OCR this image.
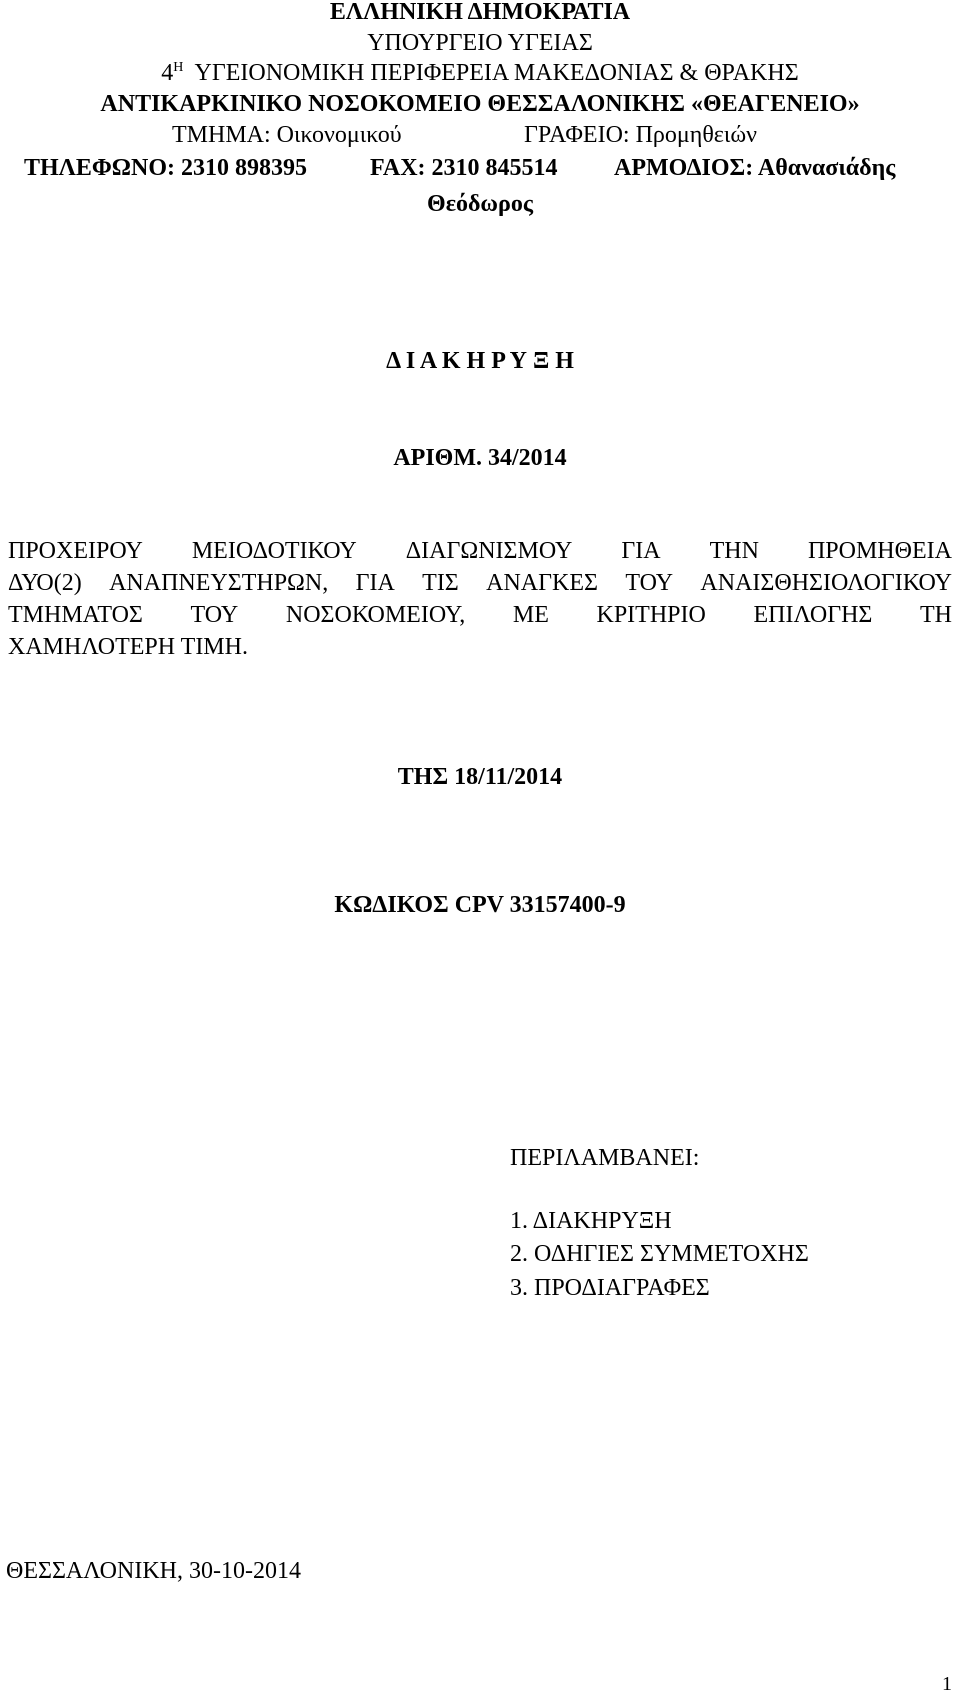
ΕΛΛΗΝΙΚΗ ΔΗΜΟΚΡΑΤΙΑ
ΥΠΟΥΡΓΕΙΟ ΥΓΕΙΑΣ
$4^H$ ΥΓΕΙΟΝΟΜΙΚΗ ΠΕΡΙΦΕΡΕΙΑ ΜΑΚΕΔΟΝΙΑΣ & ΘΡΑΚΗΣ
ΑΝΤΙΚΑΡΚΙΝΙΚΟ ΝΟΣΟΚΟΜΕΙΟ ΘΕΣΣΑΛΟΝΙΚΗΣ «ΘΕΑΓΕΝΕΙΟ»
ΤΜΗΜΑ: Οικονομικού	ΓΡΑΦΕΙΟ: Προμηθειών
ΤΗΛΕΦΩΝΟ: 2310 898395	FAX: 2310 845514 ΑΡΜΟΔΙΟΣ: Αθανασιάδης
Θεόδωρος
Δ Ι Α Κ Η Ρ Υ Ξ Η
ΑΡΙΘΜ. 34/2014
ΠΡΟΧΕΙΡΟΥ ΜΕΙΟΔΟΤΙΚΟΥ ΔΙΑΓΩΝΙΣΜΟΥ ΓΙΑ ΤΗΝ ΠΡΟΜΗΘΕΙΑ
ΔΥΟ(2) ΑΝΑΠΝΕΥΣΤΗΡΩΝ, ΓΙΑ ΤΙΣ ΑΝΑΓΚΕΣ ΤΟΥ ΑΝΑΙΣΘΗΣΙΟΛΟΓΙΚΟΥ
ΤΜΗΜΑΤΟΣ ΤΟΥ ΝΟΣΟΚΟΜΕΙΟΥ, ΜΕ ΚΡΙΤΗΡΙΟ ΕΠΙΛΟΓΗΣ ΤΗ
ΧΑΜΗΛΟΤΕΡΗ ΤΙΜΗ.
ΤΗΣ 18/11/2014
ΚΩΔΙΚΟΣ CPV 33157400-9
ΠΕΡΙΛΑΜΒΑΝΕΙ:
1. ΔΙΑΚΗΡΥΞΗ
2. ΟΔΗΓΙΕΣ ΣΥΜΜΕΤΟΧΗΣ
3. ΠΡΟΔΙΑΓΡΑΦΕΣ
ΘΕΣΣΑΛΟΝΙΚΗ, 30-10-2014
1
